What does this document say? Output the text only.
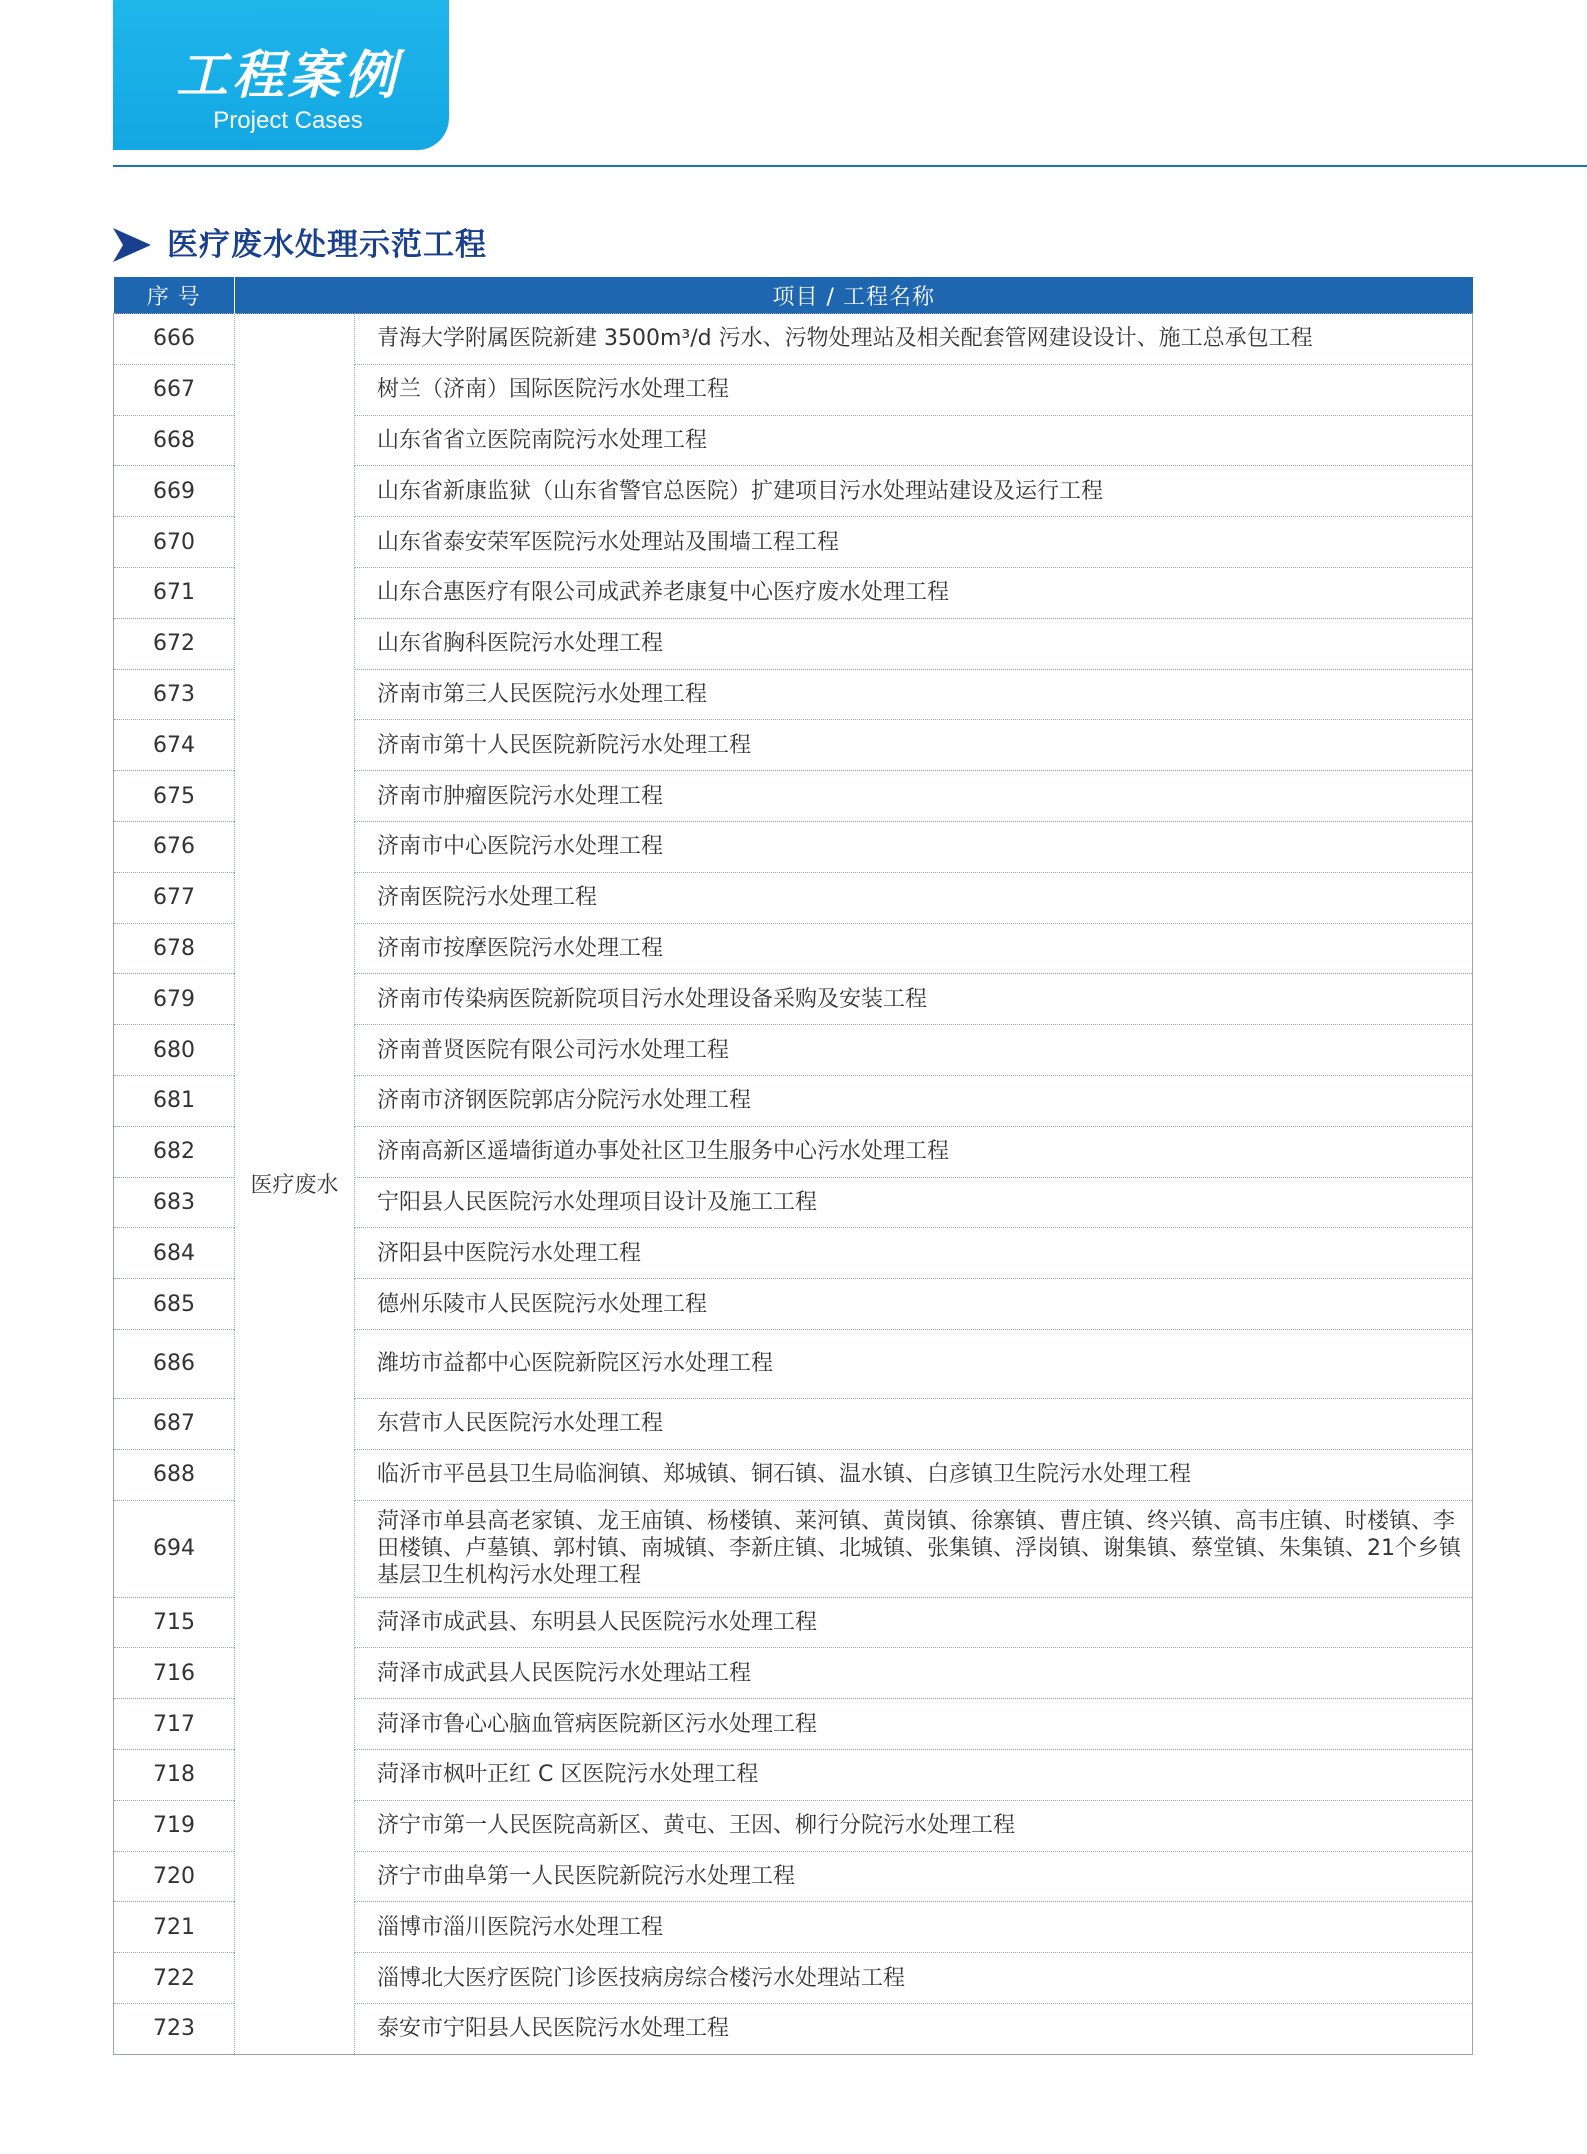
工程案例
Project Cases
医疗废水处理示范工程
序 号	项目 / 工程名称	
666	医疗废水	青海大学附属医院新建 3500m³/d 污水、污物处理站及相关配套管网建设设计、施工总承包工程
667		树兰（济南）国际医院污水处理工程
668		山东省省立医院南院污水处理工程
669		山东省新康监狱（山东省警官总医院）扩建项目污水处理站建设及运行工程
670		山东省泰安荣军医院污水处理站及围墙工程工程
671		山东合惠医疗有限公司成武养老康复中心医疗废水处理工程
672		山东省胸科医院污水处理工程
673		济南市第三人民医院污水处理工程
674		济南市第十人民医院新院污水处理工程
675		济南市肿瘤医院污水处理工程
676		济南市中心医院污水处理工程
677		济南医院污水处理工程
678		济南市按摩医院污水处理工程
679		济南市传染病医院新院项目污水处理设备采购及安装工程
680		济南普贤医院有限公司污水处理工程
681		济南市济钢医院郭店分院污水处理工程
682		济南高新区遥墙街道办事处社区卫生服务中心污水处理工程
683		宁阳县人民医院污水处理项目设计及施工工程
684		济阳县中医院污水处理工程
685		德州乐陵市人民医院污水处理工程
686		潍坊市益都中心医院新院区污水处理工程
687		东营市人民医院污水处理工程
688		临沂市平邑县卫生局临涧镇、郑城镇、铜石镇、温水镇、白彦镇卫生院污水处理工程
694		菏泽市单县高老家镇、龙王庙镇、杨楼镇、莱河镇、黄岗镇、徐寨镇、曹庄镇、终兴镇、高韦庄镇、时楼镇、李田楼镇、卢墓镇、郭村镇、南城镇、李新庄镇、北城镇、张集镇、浮岗镇、谢集镇、蔡堂镇、朱集镇、21个乡镇基层卫生机构污水处理工程
715		菏泽市成武县、东明县人民医院污水处理工程
716		菏泽市成武县人民医院污水处理站工程
717		菏泽市鲁心心脑血管病医院新区污水处理工程
718		菏泽市枫叶正红 C 区医院污水处理工程
719		济宁市第一人民医院高新区、黄屯、王因、柳行分院污水处理工程
720		济宁市曲阜第一人民医院新院污水处理工程
721		淄博市淄川医院污水处理工程
722		淄博北大医疗医院门诊医技病房综合楼污水处理站工程
723		泰安市宁阳县人民医院污水处理工程
